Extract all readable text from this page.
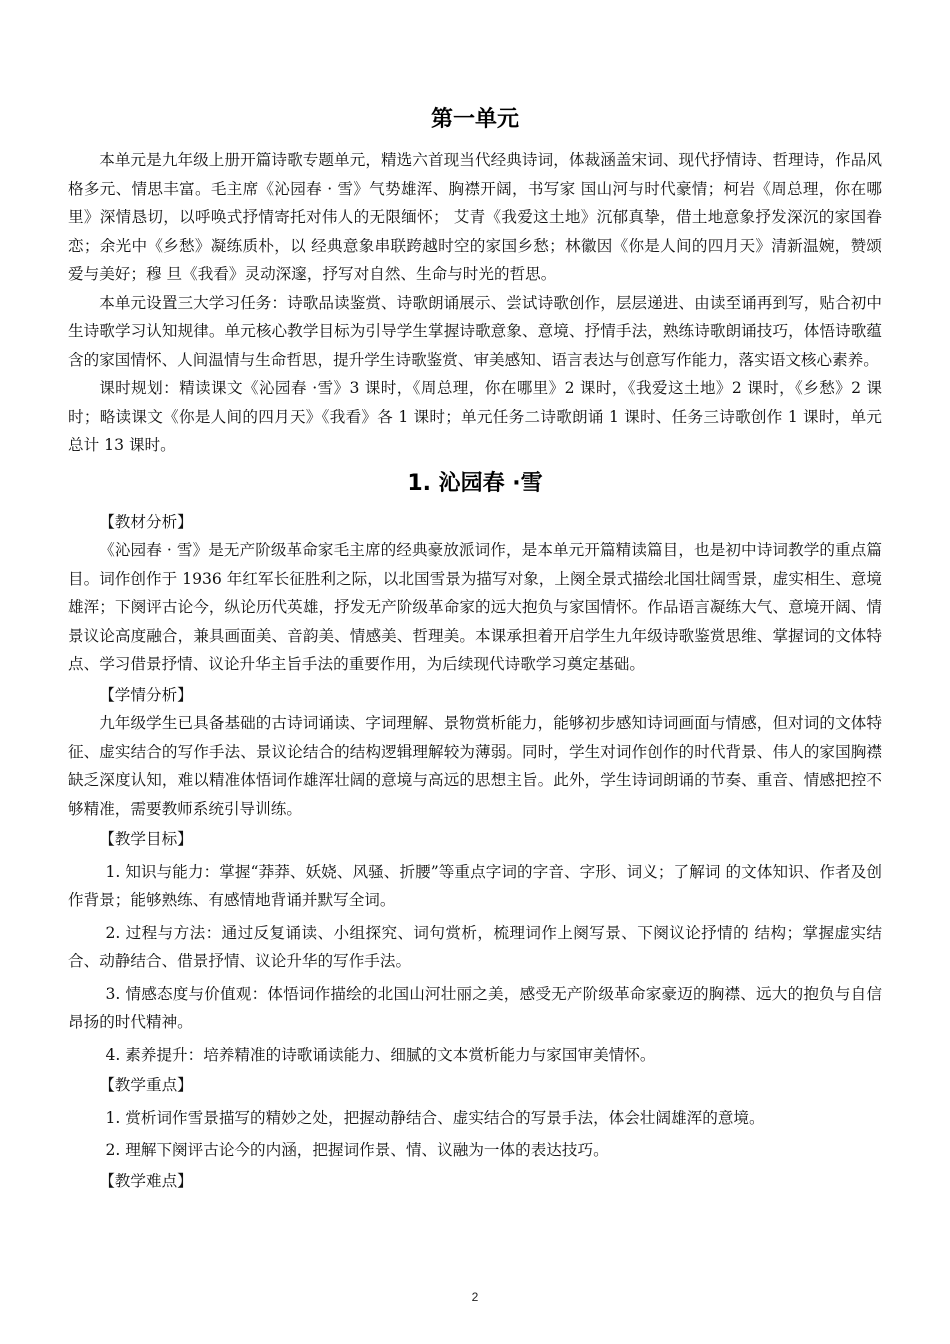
第一单元

本单元是九年级上册开篇诗歌专题单元，精选六首现当代经典诗词，体裁涵盖宋词、现代抒情诗、哲理诗，作品风格多元、情思丰富。毛主席《沁园春 · 雪》气势雄浑、胸襟开阔，书写家 国山河与时代豪情；柯岩《周总理，你在哪里》深情恳切，以呼唤式抒情寄托对伟人的无限缅怀； 艾青《我爱这土地》沉郁真挚，借土地意象抒发深沉的家国眷恋；余光中《乡愁》凝练质朴，以 经典意象串联跨越时空的家国乡愁；林徽因《你是人间的四月天》清新温婉，赞颂爱与美好；穆 旦《我看》灵动深邃，抒写对自然、生命与时光的哲思。

本单元设置三大学习任务：诗歌品读鉴赏、诗歌朗诵展示、尝试诗歌创作，层层递进、由读至诵再到写，贴合初中生诗歌学习认知规律。单元核心教学目标为引导学生掌握诗歌意象、意境、抒情手法，熟练诗歌朗诵技巧，体悟诗歌蕴含的家国情怀、人间温情与生命哲思，提升学生诗歌鉴赏、审美感知、语言表达与创意写作能力，落实语文核心素养。

课时规划：精读课文《沁园春 ·雪》3 课时，《周总理，你在哪里》2 课时，《我爱这土地》2 课时，《乡愁》2 课时；略读课文《你是人间的四月天》《我看》各 1 课时；单元任务二诗歌朗诵 1 课时、任务三诗歌创作 1 课时，单元总计 13 课时。

1. 沁园春 ·雪

【教材分析】

《沁园春 · 雪》是无产阶级革命家毛主席的经典豪放派词作，是本单元开篇精读篇目，也是初中诗词教学的重点篇目。词作创作于 1936 年红军长征胜利之际，以北国雪景为描写对象，上阕全景式描绘北国壮阔雪景，虚实相生、意境雄浑；下阕评古论今，纵论历代英雄，抒发无产阶级革命家的远大抱负与家国情怀。作品语言凝练大气、意境开阔、情景议论高度融合，兼具画面美、音韵美、情感美、哲理美。本课承担着开启学生九年级诗歌鉴赏思维、掌握词的文体特点、学习借景抒情、议论升华主旨手法的重要作用，为后续现代诗歌学习奠定基础。

【学情分析】

九年级学生已具备基础的古诗词诵读、字词理解、景物赏析能力，能够初步感知诗词画面与情感，但对词的文体特征、虚实结合的写作手法、景议论结合的结构逻辑理解较为薄弱。同时，学生对词作创作的时代背景、伟人的家国胸襟缺乏深度认知，难以精准体悟词作雄浑壮阔的意境与高远的思想主旨。此外，学生诗词朗诵的节奏、重音、情感把控不够精准，需要教师系统引导训练。

【教学目标】

1. 知识与能力：掌握“莽莽、妖娆、风骚、折腰”等重点字词的字音、字形、词义；了解词 的文体知识、作者及创作背景；能够熟练、有感情地背诵并默写全词。

2. 过程与方法：通过反复诵读、小组探究、词句赏析，梳理词作上阕写景、下阕议论抒情的 结构；掌握虚实结合、动静结合、借景抒情、议论升华的写作手法。

3. 情感态度与价值观：体悟词作描绘的北国山河壮丽之美，感受无产阶级革命家豪迈的胸襟、远大的抱负与自信昂扬的时代精神。

4. 素养提升：培养精准的诗歌诵读能力、细腻的文本赏析能力与家国审美情怀。

【教学重点】

1. 赏析词作雪景描写的精妙之处，把握动静结合、虚实结合的写景手法，体会壮阔雄浑的意境。

2. 理解下阕评古论今的内涵，把握词作景、情、议融为一体的表达技巧。

【教学难点】

2
